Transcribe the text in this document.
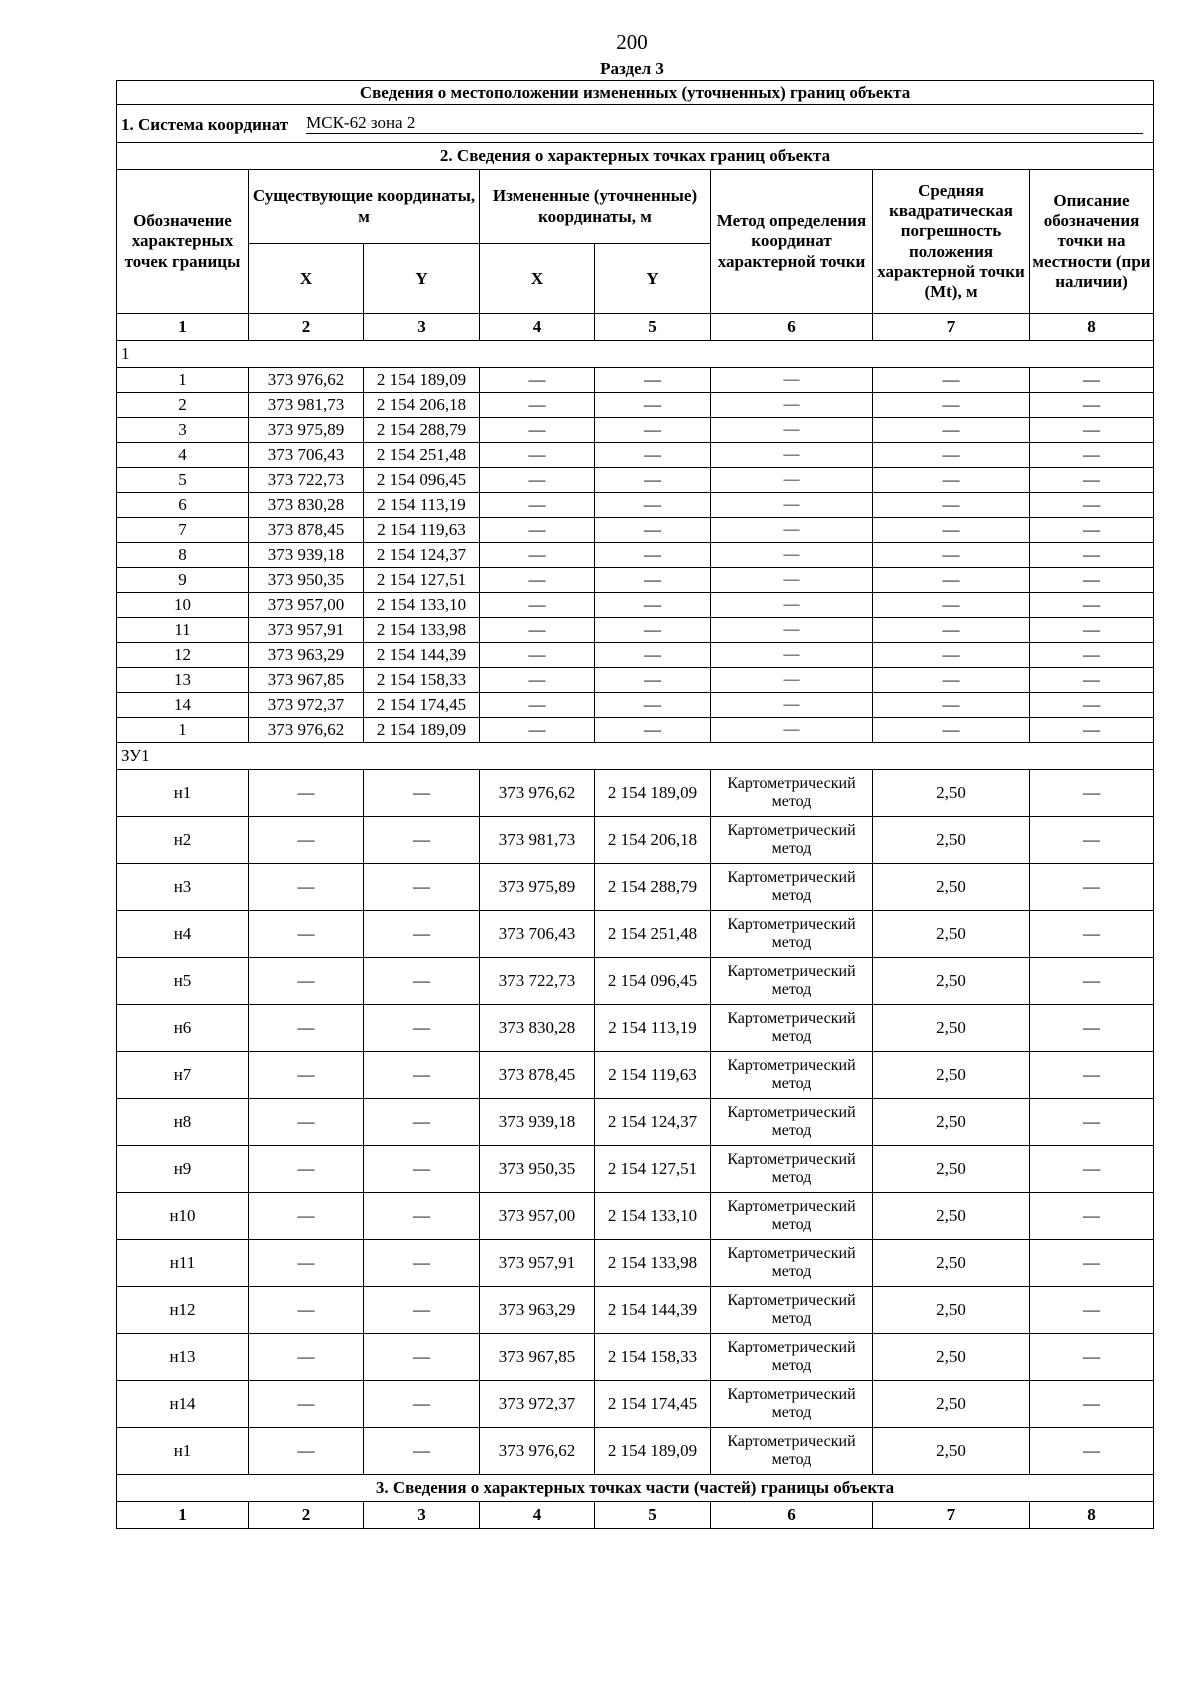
200
Раздел 3
Сведения о местоположении измененных (уточненных) границ объекта							

1. Система координат МСК-62 зона 2							

2. Сведения о характерных точках границ объекта							
Обозначение характерных точек границы	Существующие координаты, м		Измененные (уточненные) координаты, м		Метод определения координат характерной точки	Средняя квадратическая погрешность положения характерной точки (Mt), м	Описание обозначения точки на местности (при наличии)
	X	Y	X	Y			
1	2	3	4	5	6	7	8
1							
1	373 976,62	2 154 189,09	—	—	—	—	—
2	373 981,73	2 154 206,18	—	—	—	—	—
3	373 975,89	2 154 288,79	—	—	—	—	—
4	373 706,43	2 154 251,48	—	—	—	—	—
5	373 722,73	2 154 096,45	—	—	—	—	—
6	373 830,28	2 154 113,19	—	—	—	—	—
7	373 878,45	2 154 119,63	—	—	—	—	—
8	373 939,18	2 154 124,37	—	—	—	—	—
9	373 950,35	2 154 127,51	—	—	—	—	—
10	373 957,00	2 154 133,10	—	—	—	—	—
11	373 957,91	2 154 133,98	—	—	—	—	—
12	373 963,29	2 154 144,39	—	—	—	—	—
13	373 967,85	2 154 158,33	—	—	—	—	—
14	373 972,37	2 154 174,45	—	—	—	—	—
1	373 976,62	2 154 189,09	—	—	—	—	—
ЗУ1							
н1	—	—	373 976,62	2 154 189,09	Картометрический метод	2,50	—
н2	—	—	373 981,73	2 154 206,18	Картометрический метод	2,50	—
н3	—	—	373 975,89	2 154 288,79	Картометрический метод	2,50	—
н4	—	—	373 706,43	2 154 251,48	Картометрический метод	2,50	—
н5	—	—	373 722,73	2 154 096,45	Картометрический метод	2,50	—
н6	—	—	373 830,28	2 154 113,19	Картометрический метод	2,50	—
н7	—	—	373 878,45	2 154 119,63	Картометрический метод	2,50	—
н8	—	—	373 939,18	2 154 124,37	Картометрический метод	2,50	—
н9	—	—	373 950,35	2 154 127,51	Картометрический метод	2,50	—
н10	—	—	373 957,00	2 154 133,10	Картометрический метод	2,50	—
н11	—	—	373 957,91	2 154 133,98	Картометрический метод	2,50	—
н12	—	—	373 963,29	2 154 144,39	Картометрический метод	2,50	—
н13	—	—	373 967,85	2 154 158,33	Картометрический метод	2,50	—
н14	—	—	373 972,37	2 154 174,45	Картометрический метод	2,50	—
н1	—	—	373 976,62	2 154 189,09	Картометрический метод	2,50	—
3. Сведения о характерных точках части (частей) границы объекта							
1	2	3	4	5	6	7	8
